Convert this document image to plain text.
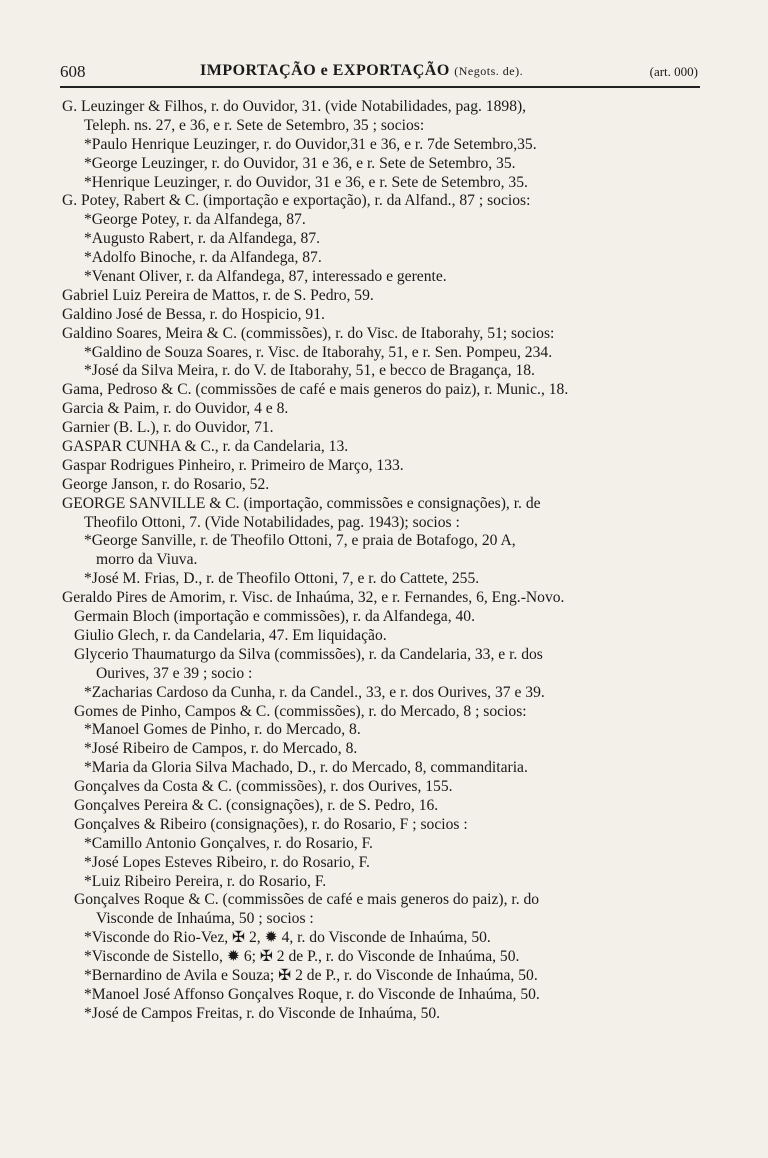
608	IMPORTAÇÃO e EXPORTAÇÃO (Negots. de).	(art. 000)
G. Leuzinger & Filhos, r. do Ouvidor, 31. (vide Notabilidades, pag. 1898),
Teleph. ns. 27, e 36, e r. Sete de Setembro, 35 ; socios:
*Paulo Henrique Leuzinger, r. do Ouvidor,31 e 36, e r. 7de Setembro,35.
*George Leuzinger, r. do Ouvidor, 31 e 36, e r. Sete de Setembro, 35.
*Henrique Leuzinger, r. do Ouvidor, 31 e 36, e r. Sete de Setembro, 35.
G. Potey, Rabert & C. (importação e exportação), r. da Alfand., 87 ; socios:
*George Potey, r. da Alfandega, 87.
*Augusto Rabert, r. da Alfandega, 87.
*Adolfo Binoche, r. da Alfandega, 87.
*Venant Oliver, r. da Alfandega, 87, interessado e gerente.
Gabriel Luiz Pereira de Mattos, r. de S. Pedro, 59.
Galdino José de Bessa, r. do Hospicio, 91.
Galdino Soares, Meira & C. (commissões), r. do Visc. de Itaborahy, 51; socios:
*Galdino de Souza Soares, r. Visc. de Itaborahy, 51, e r. Sen. Pompeu, 234.
*José da Silva Meira, r. do V. de Itaborahy, 51, e becco de Bragança, 18.
Gama, Pedroso & C. (commissões de café e mais generos do paiz), r. Munic., 18.
Garcia & Paim, r. do Ouvidor, 4 e 8.
Garnier (B. L.), r. do Ouvidor, 71.
GASPAR CUNHA & C., r. da Candelaria, 13.
Gaspar Rodrigues Pinheiro, r. Primeiro de Março, 133.
George Janson, r. do Rosario, 52.
GEORGE SANVILLE & C. (importação, commissões e consignações), r. de
Theofilo Ottoni, 7. (Vide Notabilidades, pag. 1943); socios :
*George Sanville, r. de Theofilo Ottoni, 7, e praia de Botafogo, 20 A,
morro da Viuva.
*José M. Frias, D., r. de Theofilo Ottoni, 7, e r. do Cattete, 255.
Geraldo Pires de Amorim, r. Visc. de Inhaúma, 32, e r. Fernandes, 6, Eng.-Novo.
Germain Bloch (importação e commissões), r. da Alfandega, 40.
Giulio Glech, r. da Candelaria, 47. Em liquidação.
Glycerio Thaumaturgo da Silva (commissões), r. da Candelaria, 33, e r. dos
Ourives, 37 e 39 ; socio :
*Zacharias Cardoso da Cunha, r. da Candel., 33, e r. dos Ourives, 37 e 39.
Gomes de Pinho, Campos & C. (commissões), r. do Mercado, 8 ; socios:
*Manoel Gomes de Pinho, r. do Mercado, 8.
*José Ribeiro de Campos, r. do Mercado, 8.
*Maria da Gloria Silva Machado, D., r. do Mercado, 8, commanditaria.
Gonçalves da Costa & C. (commissões), r. dos Ourives, 155.
Gonçalves Pereira & C. (consignações), r. de S. Pedro, 16.
Gonçalves & Ribeiro (consignações), r. do Rosario, F ; socios :
*Camillo Antonio Gonçalves, r. do Rosario, F.
*José Lopes Esteves Ribeiro, r. do Rosario, F.
*Luiz Ribeiro Pereira, r. do Rosario, F.
Gonçalves Roque & C. (commissões de café e mais generos do paiz), r. do
Visconde de Inhaúma, 50 ; socios :
*Visconde do Rio-Vez, ✠ 2, ✹ 4, r. do Visconde de Inhaúma, 50.
*Visconde de Sistello, ✹ 6; ✠ 2 de P., r. do Visconde de Inhaúma, 50.
*Bernardino de Avila e Souza; ✠ 2 de P., r. do Visconde de Inhaúma, 50.
*Manoel José Affonso Gonçalves Roque, r. do Visconde de Inhaúma, 50.
*José de Campos Freitas, r. do Visconde de Inhaúma, 50.
